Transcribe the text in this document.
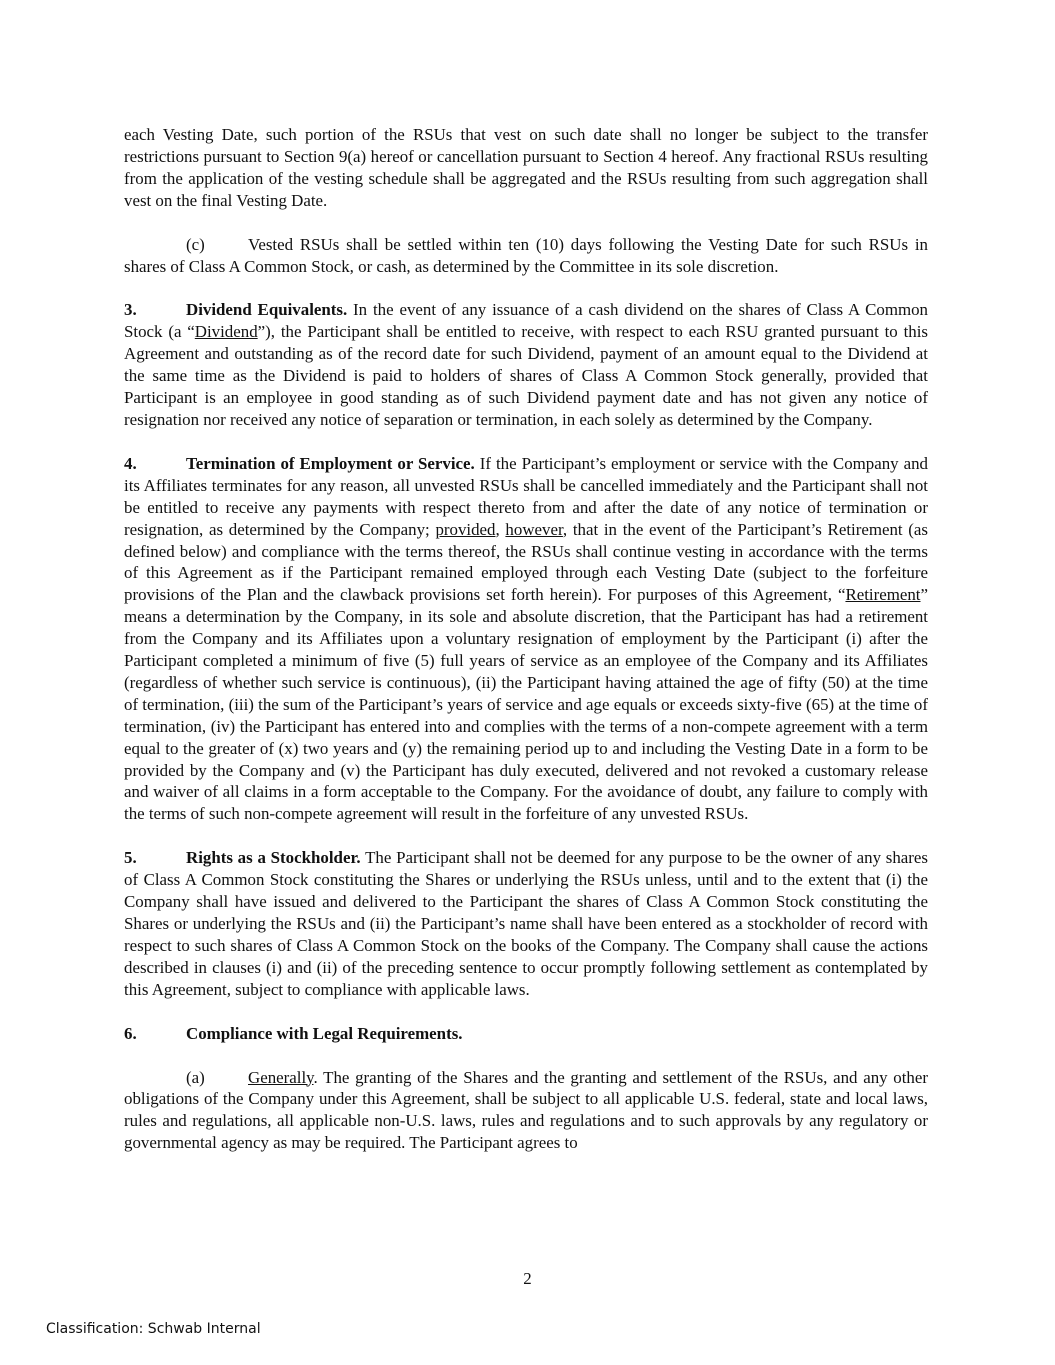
each Vesting Date, such portion of the RSUs that vest on such date shall no longer be subject to the transfer restrictions pursuant to Section 9(a) hereof or cancellation pursuant to Section 4 hereof. Any fractional RSUs resulting from the application of the vesting schedule shall be aggregated and the RSUs resulting from such aggregation shall vest on the final Vesting Date.

(c)	Vested RSUs shall be settled within ten (10) days following the Vesting Date for such RSUs in shares of Class A Common Stock, or cash, as determined by the Committee in its sole discretion.

3.	Dividend Equivalents. In the event of any issuance of a cash dividend on the shares of Class A Common Stock (a “Dividend”), the Participant shall be entitled to receive, with respect to each RSU granted pursuant to this Agreement and outstanding as of the record date for such Dividend, payment of an amount equal to the Dividend at the same time as the Dividend is paid to holders of shares of Class A Common Stock generally, provided that Participant is an employee in good standing as of such Dividend payment date and has not given any notice of resignation nor received any notice of separation or termination, in each solely as determined by the Company.

4.	Termination of Employment or Service. If the Participant’s employment or service with the Company and its Affiliates terminates for any reason, all unvested RSUs shall be cancelled immediately and the Participant shall not be entitled to receive any payments with respect thereto from and after the date of any notice of termination or resignation, as determined by the Company; provided, however, that in the event of the Participant’s Retirement (as defined below) and compliance with the terms thereof, the RSUs shall continue vesting in accordance with the terms of this Agreement as if the Participant remained employed through each Vesting Date (subject to the forfeiture provisions of the Plan and the clawback provisions set forth herein). For purposes of this Agreement, “Retirement” means a determination by the Company, in its sole and absolute discretion, that the Participant has had a retirement from the Company and its Affiliates upon a voluntary resignation of employment by the Participant (i) after the Participant completed a minimum of five (5) full years of service as an employee of the Company and its Affiliates (regardless of whether such service is continuous), (ii) the Participant having attained the age of fifty (50) at the time of termination, (iii) the sum of the Participant’s years of service and age equals or exceeds sixty-five (65) at the time of termination, (iv) the Participant has entered into and complies with the terms of a non-compete agreement with a term equal to the greater of (x) two years and (y) the remaining period up to and including the Vesting Date in a form to be provided by the Company and (v) the Participant has duly executed, delivered and not revoked a customary release and waiver of all claims in a form acceptable to the Company. For the avoidance of doubt, any failure to comply with the terms of such non-compete agreement will result in the forfeiture of any unvested RSUs.

5.	Rights as a Stockholder. The Participant shall not be deemed for any purpose to be the owner of any shares of Class A Common Stock constituting the Shares or underlying the RSUs unless, until and to the extent that (i) the Company shall have issued and delivered to the Participant the shares of Class A Common Stock constituting the Shares or underlying the RSUs and (ii) the Participant’s name shall have been entered as a stockholder of record with respect to such shares of Class A Common Stock on the books of the Company. The Company shall cause the actions described in clauses (i) and (ii) of the preceding sentence to occur promptly following settlement as contemplated by this Agreement, subject to compliance with applicable laws.

6.	Compliance with Legal Requirements.

(a)	Generally. The granting of the Shares and the granting and settlement of the RSUs, and any other obligations of the Company under this Agreement, shall be subject to all applicable U.S. federal, state and local laws, rules and regulations, all applicable non-U.S. laws, rules and regulations and to such approvals by any regulatory or governmental agency as may be required. The Participant agrees to

2
Classification: Schwab Internal
